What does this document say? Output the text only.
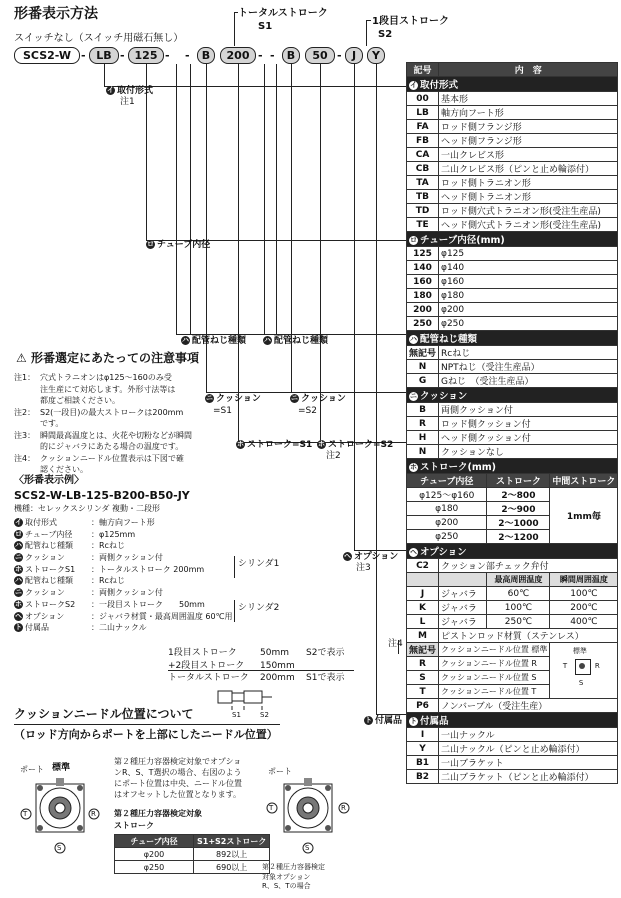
形番表示方法
スイッチなし（スイッチ用磁石無し）
トータルストローク
S1	1段目ストローク
S2
SCS2-W	LB	125	B	200	B	50	J	Y
-	-	- -	- -	-
イ 取付形式
注1
ロ チューブ内径
ハ 配管ねじ種類	ハ 配管ねじ種類
ニ クッション
=S1
ニ クッション
=S2
ホ ストローク=S1 ホ ストローク=S2
注2
ヘ オプション
注3
注4
ト 付属品
⚠ 形番選定にあたっての注意事項
注1： 穴式トラニオンはφ125～160のみ受
注生産にて対応します。外形寸法等は
都度ご相談ください。
注2： S2(一段目)の最大ストロークは200mm
です。
注3： 瞬間最高温度とは、火花や切粉などが瞬間
的にジャバラにあたる場合の温度です。
注4： クッションニードル位置表示は下図で確
認ください。
〈形番表示例〉
SCS2-W-LB-125-B200-B50-JY
機種：セレックスシリンダ 複動・二段形
イ 取付形式	：軸方向フート形
ロ チューブ内径 ：φ125mm
ハ 配管ねじ種類 ：Rcねじ
ニ クッション	：両側クッション付
ホ ストロークS1 ：トータルストローク 200mm
ハ 配管ねじ種類 ：Rcねじ
ニ クッション	：両側クッション付
ホ ストロークS2 ：一段目ストローク　　50mm
ヘ オプション	：ジャバラ材質・最高周囲温度 60℃用
ト 付属品	：二山ナックル
シリンダ1
シリンダ2
1段目ストローク	50mm S2で表示
+2段目ストローク 150mm
トータルストローク 200mm S1で表示
S1	S2
クッションニードル位置について
（ロッド方向からポートを上部にしたニードル位置）
ポート 標準
T	R
S
第２種圧力容器検定対象でオプショ
ンR、S、T選択の場合、右図のよう
にポート位置は中央、ニードル位置
はオフセットした位置となります。
第２種圧力容器検定対象
ストローク
チューブ内径	S1+S2ストローク
φ200	892以上
φ250	690以上
ポート
T	R
S
第２種圧力容器検定
対象オプション
R、S、Tの場合
記号	内　容		
イ 取付形式			
00	基本形		
LB	軸方向フート形		
FA	ロッド側フランジ形		
FB	ヘッド側フランジ形		
CA	一山クレビス形		
CB	二山クレビス形（ピンと止め輪添付）		
TA	ロッド側トラニオン形		
TB	ヘッド側トラニオン形		
TD	ロッド側穴式トラニオン形(受注生産品)		
TE	ヘッド側穴式トラニオン形(受注生産品)		
ロ チューブ内径(mm)			
125	φ125		
140	φ140		
160	φ160		
180	φ180		
200	φ200		
250	φ250		
ハ 配管ねじ種類			
無記号	Rcねじ		
N	NPTねじ（受注生産品）		
G	Gねじ　（受注生産品）		
ニ クッション			
B	両側クッション付		
R	ロッド側クッション付		
H	ヘッド側クッション付		
N	クッションなし		
ホ ストローク(mm)			
チューブ内径		ストローク	中間ストローク
φ125～φ160		2～800	1mm毎
φ180		2～900	
φ200		2～1000	
φ250		2～1200	
ヘ オプション			
C2	クッション部チェック弁付		
		最高周囲温度	瞬間周囲温度
J	ジャバラ	60℃	100℃
K	ジャバラ	100℃	200℃
L	ジャバラ	250℃	400℃
M	ピストンロッド材質（ステンレス）		
無記号	クッションニードル位置 標準		標準
T R
S

R	クッションニードル位置 R		
S	クッションニードル位置 S		
T	クッションニードル位置 T		
P6	ノンバーブル（受注生産）		
ト 付属品			
I	一山ナックル		
Y	二山ナックル（ピンと止め輪添付）		
B1	一山ブラケット		
B2	二山ブラケット（ピンと止め輪添付）		
